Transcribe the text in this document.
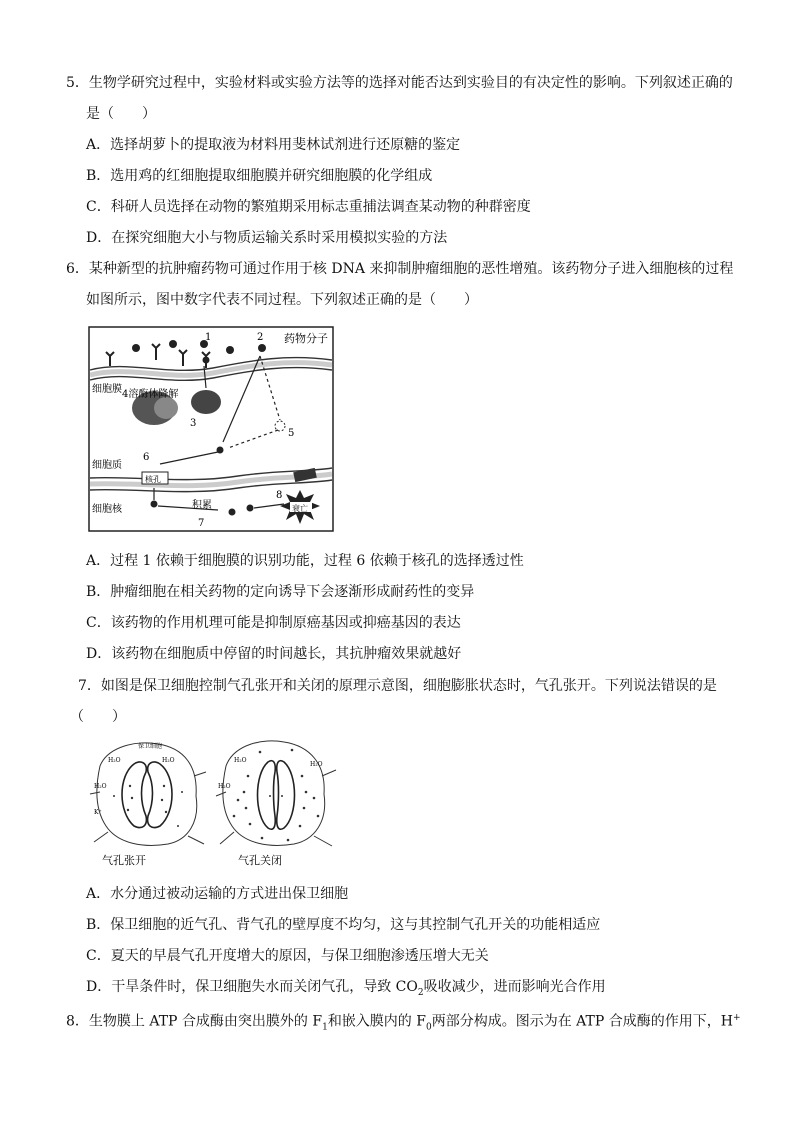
5．生物学研究过程中，实验材料或实验方法等的选择对能否达到实验目的有决定性的影响。下列叙述正确的
是（　　）
A．选择胡萝卜的提取液为材料用斐林试剂进行还原糖的鉴定
B．选用鸡的红细胞提取细胞膜并研究细胞膜的化学组成
C．科研人员选择在动物的繁殖期采用标志重捕法调查某动物的种群密度
D．在探究细胞大小与物质运输关系时采用模拟实验的方法
6．某种新型的抗肿瘤药物可通过作用于核 DNA 来抑制肿瘤细胞的恶性增殖。该药物分子进入细胞核的过程
如图所示，图中数字代表不同过程。下列叙述正确的是（　　）
1	2 药物分子
细胞膜 4溶酶体降解
3
5
6
细胞质
核孔
细胞核	积累
7
8
衰亡
A．过程 1 依赖于细胞膜的识别功能，过程 6 依赖于核孔的选择透过性
B．肿瘤细胞在相关药物的定向诱导下会逐渐形成耐药性的变异
C．该药物的作用机理可能是抑制原癌基因或抑癌基因的表达
D．该药物在细胞质中停留的时间越长，其抗肿瘤效果就越好
7．如图是保卫细胞控制气孔张开和关闭的原理示意图，细胞膨胀状态时，气孔张开。下列说法错误的是
（　　）
H₂O	H₂O
H₂O
K⁺
保卫细胞
气孔张开
H₂O
H₂O
H₂O
气孔关闭
A．水分通过被动运输的方式进出保卫细胞
B．保卫细胞的近气孔、背气孔的壁厚度不均匀，这与其控制气孔开关的功能相适应
C．夏天的早晨气孔开度增大的原因，与保卫细胞渗透压增大无关
D．干旱条件时，保卫细胞失水而关闭气孔，导致 $CO_2$吸收减少，进而影响光合作用
8．生物膜上 ATP 合成酶由突出膜外的 $F_1$和嵌入膜内的 $F_0$两部分构成。图示为在 ATP 合成酶的作用下，H+
